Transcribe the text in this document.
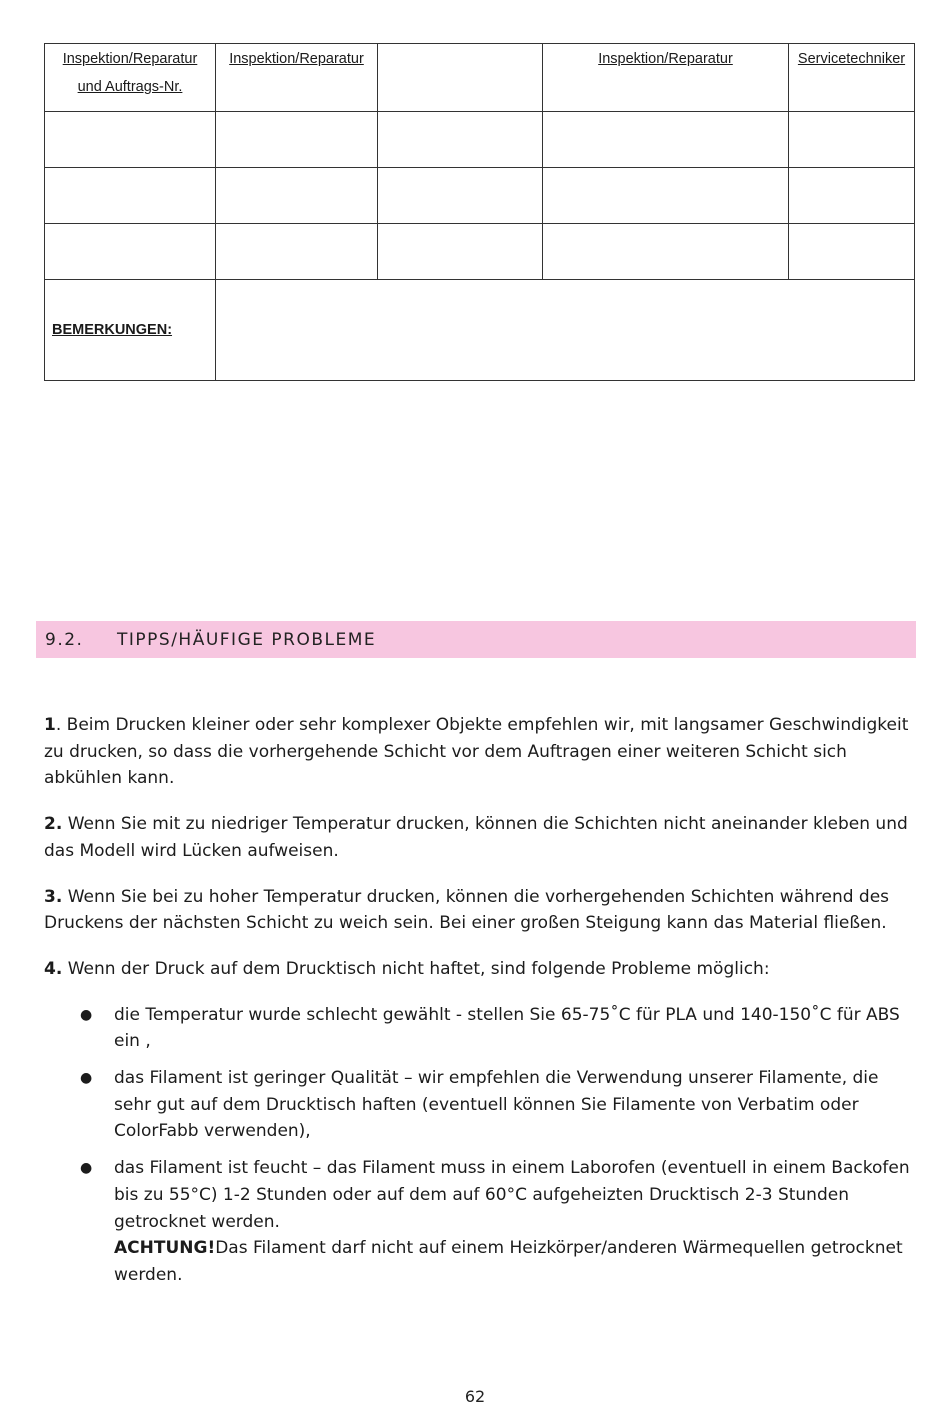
Inspektion/Reparatur
und Auftrags-Nr.	Inspektion/Reparatur		Inspektion/Reparatur	Servicetechniker

BEMERKUNGEN:				
9.2.	TIPPS/HÄUFIGE PROBLEME

1. Beim Drucken kleiner oder sehr komplexer Objekte empfehlen wir, mit langsamer Geschwindigkeit zu drucken, so dass die vorhergehende Schicht vor dem Auftragen einer weiteren Schicht sich abkühlen kann.

2. Wenn Sie mit zu niedriger Temperatur drucken, können die Schichten nicht aneinander kleben und das Modell wird Lücken aufweisen.

3. Wenn Sie bei zu hoher Temperatur drucken, können die vorhergehenden Schichten während des Druckens der nächsten Schicht zu weich sein. Bei einer großen Steigung kann das Material fließen.

4. Wenn der Druck auf dem Drucktisch nicht haftet, sind folgende Probleme möglich:

● die Temperatur wurde schlecht gewählt - stellen Sie 65-75˚C für PLA und 140-150˚C für ABS ein ,
● das Filament ist geringer Qualität – wir empfehlen die Verwendung unserer Filamente, die sehr gut auf dem Drucktisch haften (eventuell können Sie Filamente von Verbatim oder ColorFabb verwenden),
● das Filament ist feucht – das Filament muss in einem Laborofen (eventuell in einem Backofen bis zu 55°C) 1-2 Stunden oder auf dem auf 60°C aufgeheizten Drucktisch 2-3 Stunden getrocknet werden.
ACHTUNG!Das Filament darf nicht auf einem Heizkörper/anderen Wärmequellen getrocknet werden.
62
